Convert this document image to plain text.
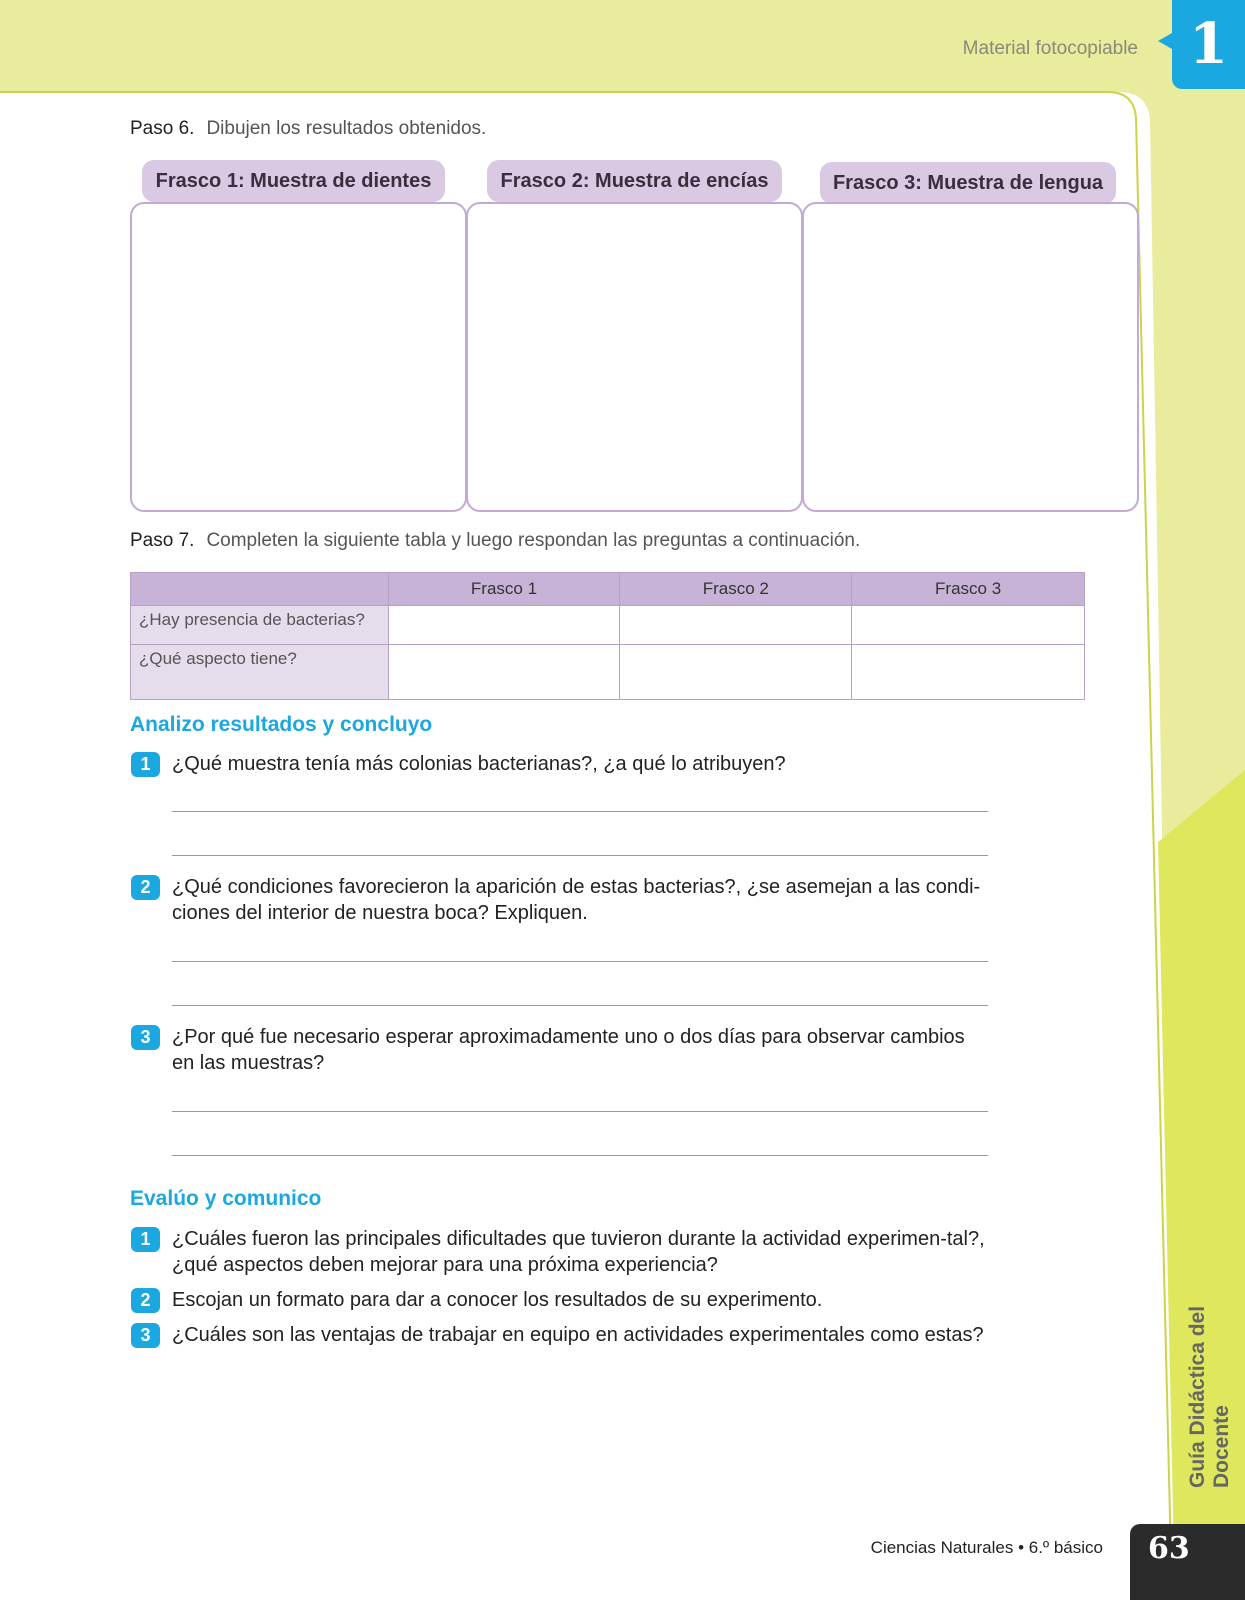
Material fotocopiable 1
Paso 6. Dibujen los resultados obtenidos.
Frasco 1: Muestra de dientes	Frasco 2: Muestra de encías	Frasco 3: Muestra de lengua
Paso 7. Completen la siguiente tabla y luego respondan las preguntas a continuación.
	Frasco 1	Frasco 2	Frasco 3
¿Hay presencia de bacterias?			
¿Qué aspecto tiene?			
Analizo resultados y concluyo
1	¿Qué muestra tenía más colonias bacterianas?, ¿a qué lo atribuyen?
2	¿Qué condiciones favorecieron la aparición de estas bacterias?, ¿se asemejan a las condi-ciones del interior de nuestra boca? Expliquen.
3	¿Por qué fue necesario esperar aproximadamente uno o dos días para observar cambios en las muestras?
Evalúo y comunico
1	¿Cuáles fueron las principales dificultades que tuvieron durante la actividad experimen-tal?, ¿qué aspectos deben mejorar para una próxima experiencia?
2	Escojan un formato para dar a conocer los resultados de su experimento.
3	¿Cuáles son las ventajas de trabajar en equipo en actividades experimentales como estas?	Guía Didáctica del Docente
Ciencias Naturales • 6.º básico	63
